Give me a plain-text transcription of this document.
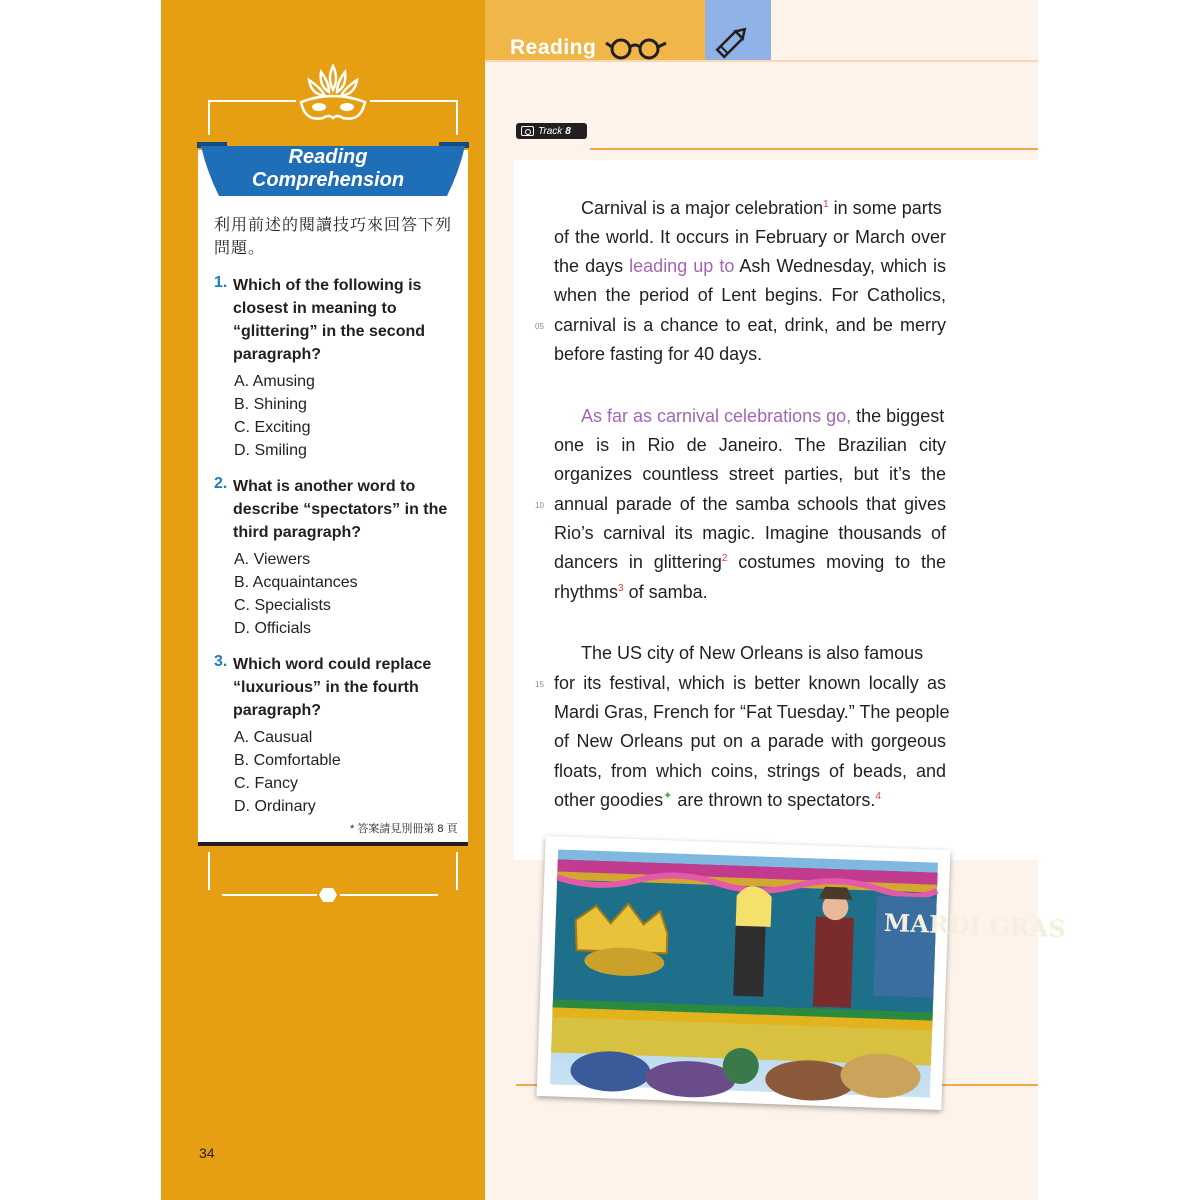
Reading
Track 8
Carnival is a major celebration$^1$ in some parts
of the world. It occurs in February or March over
the days leading up to Ash Wednesday, which is
when the period of Lent begins. For Catholics,
carnival is a chance to eat, drink, and be merry
before fasting for 40 days.
05
As far as carnival celebrations go, the biggest
one is in Rio de Janeiro. The Brazilian city
organizes countless street parties, but it’s the
annual parade of the samba schools that gives
Rio’s carnival its magic. Imagine thousands of
dancers in glittering$^2$ costumes moving to the
rhythms$^3$ of samba.
10
The US city of New Orleans is also famous
for its festival, which is better known locally as
Mardi Gras, French for “Fat Tuesday.” The people
of New Orleans put on a parade with gorgeous
floats, from which coins, strings of beads, and
other goodies✦ are thrown to spectators.$^4$
15
MARDI GRAS
Reading
Comprehension
利用前述的閱讀技巧來回答下列問題。
1. Which of the following is closest in meaning to “glittering” in the second paragraph?
A. Amusing
B. Shining
C. Exciting
D. Smiling
2. What is another word to describe “spectators” in the third paragraph?
A. Viewers
B. Acquaintances
C. Specialists
D. Officials
3. Which word could replace “luxurious” in the fourth paragraph?
A. Causual
B. Comfortable
C. Fancy
D. Ordinary
* 答案請見別冊第 8 頁
34
